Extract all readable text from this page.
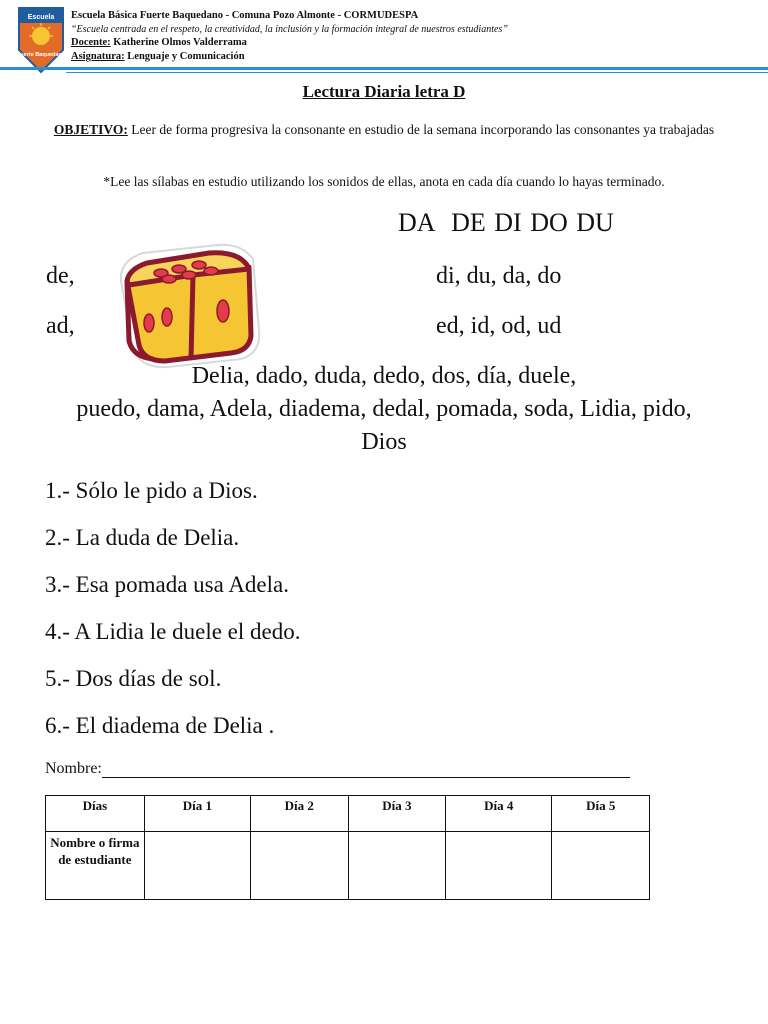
Escuela
Fuerte Baquedano
Escuela Básica Fuerte Baquedano - Comuna Pozo Almonte - CORMUDESPA
“Escuela centrada en el respeto, la creatividad, la inclusión y la formación integral de nuestros estudiantes”
Docente: Katherine Olmos Valderrama
Asignatura: Lenguaje y Comunicación
Lectura Diaria letra D
OBJETIVO: Leer de forma progresiva la consonante en estudio de la semana incorporando las consonantes ya trabajadas
*Lee las sílabas en estudio utilizando los sonidos de ellas, anota en cada día cuando lo hayas terminado.
DA  DE DI DO DU
de,
ad,
di, du, da, do
ed, id, od, ud
Delia, dado, duda, dedo, dos, día, duele,
puedo, dama, Adela, diadema, dedal, pomada, soda, Lidia, pido,
Dios
1.- Sólo le pido a Dios.
2.- La duda de Delia.
3.- Esa pomada usa Adela.
4.- A Lidia le duele el dedo.
5.- Dos días de sol.
6.- El diadema de Delia .
Nombre:
Días	Día 1	Día 2	Día 3	Día 4	Día 5
Nombre o firma de estudiante					
